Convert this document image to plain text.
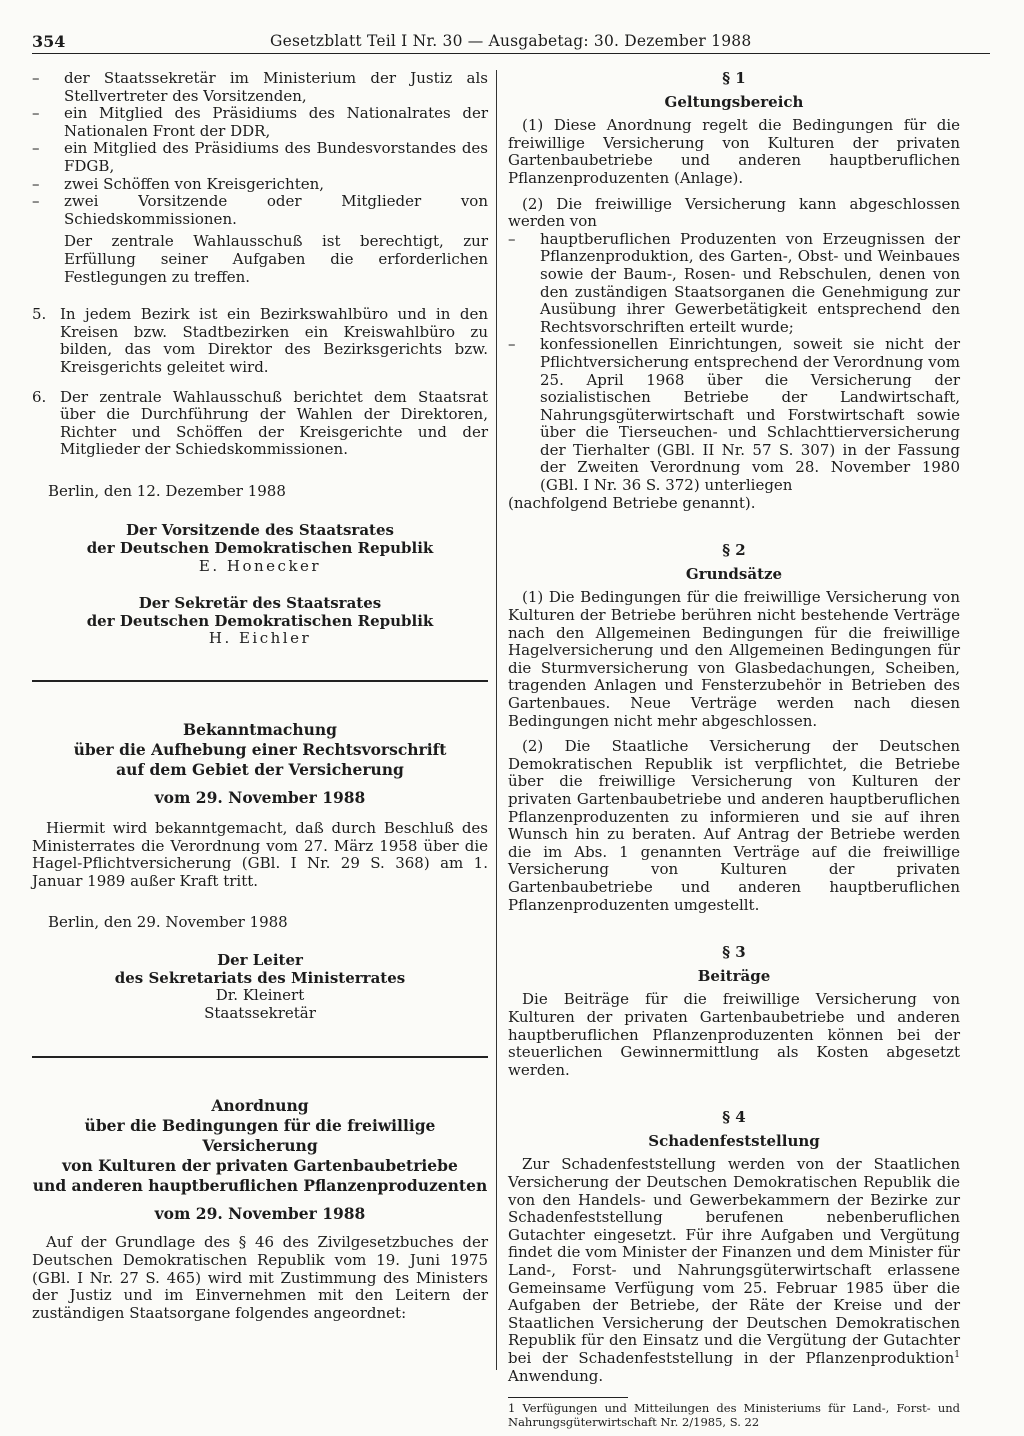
354	Gesetzblatt Teil I Nr. 30 — Ausgabetag: 30. Dezember 1988

– der Staatssekretär im Ministerium der Justiz als Stellvertreter des Vorsitzenden,

– ein Mitglied des Präsidiums des Nationalrates der Nationalen Front der DDR,

– ein Mitglied des Präsidiums des Bundesvorstandes des FDGB,

– zwei Schöffen von Kreisgerichten,

– zwei Vorsitzende oder Mitglieder von Schiedskommissionen.

Der zentrale Wahlausschuß ist berechtigt, zur Erfüllung seiner Aufgaben die erforderlichen Festlegungen zu treffen.

5. In jedem Bezirk ist ein Bezirkswahlbüro und in den Kreisen bzw. Stadtbezirken ein Kreiswahlbüro zu bilden, das vom Direktor des Bezirksgerichts bzw. Kreisgerichts geleitet wird.
6. Der zentrale Wahlausschuß berichtet dem Staatsrat über die Durchführung der Wahlen der Direktoren, Richter und Schöffen der Kreisgerichte und der Mitglieder der Schiedskommissionen.

Berlin, den 12. Dezember 1988

Der Vorsitzende des Staatsrates

der Deutschen Demokratischen Republik

E. Honecker

Der Sekretär des Staatsrates

der Deutschen Demokratischen Republik

H. Eichler

Bekanntmachung

über die Aufhebung einer Rechtsvorschrift

auf dem Gebiet der Versicherung

vom 29. November 1988

Hiermit wird bekanntgemacht, daß durch Beschluß des Ministerrates die Verordnung vom 27. März 1958 über die Hagel-Pflichtversicherung (GBl. I Nr. 29 S. 368) am 1. Januar 1989 außer Kraft tritt.

Berlin, den 29. November 1988

Der Leiter

des Sekretariats des Ministerrates

Dr. Kleinert

Staatssekretär

Anordnung

über die Bedingungen für die freiwillige Versicherung

von Kulturen der privaten Gartenbaubetriebe

und anderen hauptberuflichen Pflanzenproduzenten

vom 29. November 1988

Auf der Grundlage des § 46 des Zivilgesetzbuches der Deutschen Demokratischen Republik vom 19. Juni 1975 (GBl. I Nr. 27 S. 465) wird mit Zustimmung des Ministers der Justiz und im Einvernehmen mit den Leitern der zuständigen Staatsorgane folgendes angeordnet:

§ 1

Geltungsbereich

(1) Diese Anordnung regelt die Bedingungen für die freiwillige Versicherung von Kulturen der privaten Gartenbaubetriebe und anderen hauptberuflichen Pflanzenproduzenten (Anlage).

(2) Die freiwillige Versicherung kann abgeschlossen werden von

– hauptberuflichen Produzenten von Erzeugnissen der Pflanzenproduktion, des Garten-, Obst- und Weinbaues sowie der Baum-, Rosen- und Rebschulen, denen von den zuständigen Staatsorganen die Genehmigung zur Ausübung ihrer Gewerbetätigkeit entsprechend den Rechtsvorschriften erteilt wurde;

– konfessionellen Einrichtungen, soweit sie nicht der Pflichtversicherung entsprechend der Verordnung vom 25. April 1968 über die Versicherung der sozialistischen Betriebe der Landwirtschaft, Nahrungsgüterwirtschaft und Forstwirtschaft sowie über die Tierseuchen- und Schlachttierversicherung der Tierhalter (GBl. II Nr. 57 S. 307) in der Fassung der Zweiten Verordnung vom 28. November 1980 (GBl. I Nr. 36 S. 372) unterliegen

(nachfolgend Betriebe genannt).

§ 2

Grundsätze

(1) Die Bedingungen für die freiwillige Versicherung von Kulturen der Betriebe berühren nicht bestehende Verträge nach den Allgemeinen Bedingungen für die freiwillige Hagelversicherung und den Allgemeinen Bedingungen für die Sturmversicherung von Glasbedachungen, Scheiben, tragenden Anlagen und Fensterzubehör in Betrieben des Gartenbaues. Neue Verträge werden nach diesen Bedingungen nicht mehr abgeschlossen.

(2) Die Staatliche Versicherung der Deutschen Demokratischen Republik ist verpflichtet, die Betriebe über die freiwillige Versicherung von Kulturen der privaten Gartenbaubetriebe und anderen hauptberuflichen Pflanzenproduzenten zu informieren und sie auf ihren Wunsch hin zu beraten. Auf Antrag der Betriebe werden die im Abs. 1 genannten Verträge auf die freiwillige Versicherung von Kulturen der privaten Gartenbaubetriebe und anderen hauptberuflichen Pflanzenproduzenten umgestellt.

§ 3

Beiträge

Die Beiträge für die freiwillige Versicherung von Kulturen der privaten Gartenbaubetriebe und anderen hauptberuflichen Pflanzenproduzenten können bei der steuerlichen Gewinnermittlung als Kosten abgesetzt werden.

§ 4

Schadenfeststellung

Zur Schadenfeststellung werden von der Staatlichen Versicherung der Deutschen Demokratischen Republik die von den Handels- und Gewerbekammern der Bezirke zur Schadenfeststellung berufenen nebenberuflichen Gutachter eingesetzt. Für ihre Aufgaben und Vergütung findet die vom Minister der Finanzen und dem Minister für Land-, Forst- und Nahrungsgüterwirtschaft erlassene Gemeinsame Verfügung vom 25. Februar 1985 über die Aufgaben der Betriebe, der Räte der Kreise und der Staatlichen Versicherung der Deutschen Demokratischen Republik für den Einsatz und die Vergütung der Gutachter bei der Schadenfeststellung in der Pflanzenproduktion$^1$ Anwendung.

1 Verfügungen und Mitteilungen des Ministeriums für Land-, Forst- und Nahrungsgüterwirtschaft Nr. 2/1985, S. 22
